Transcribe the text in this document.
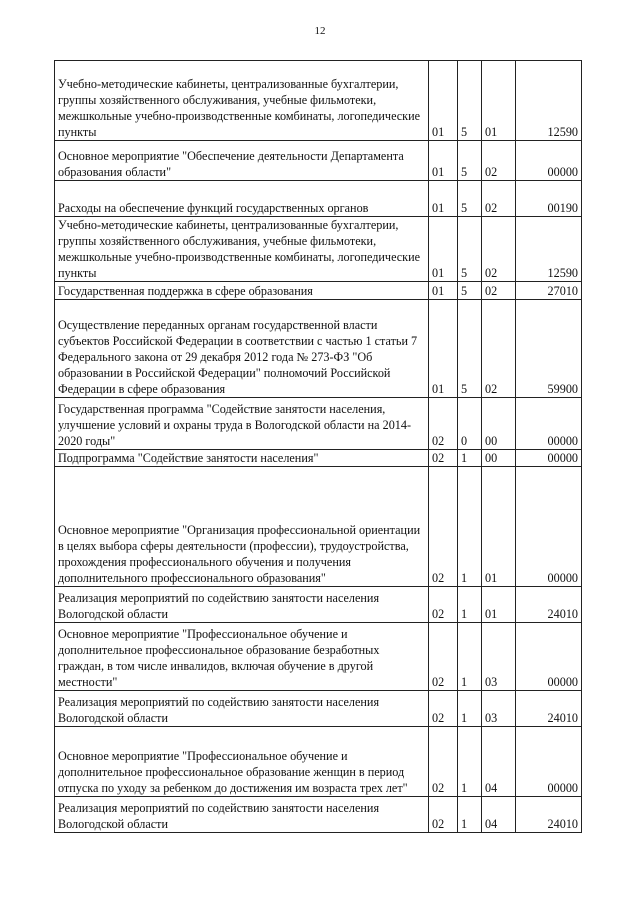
12
Учебно-методические кабинеты, централизованные бухгалтерии, группы хозяйственного обслуживания, учебные фильмотеки, межшкольные учебно-производственные комбинаты, логопедические пункты	01	5	01	12590
Основное мероприятие "Обеспечение деятельности Департамента образования области"	01	5	02	00000
Расходы на обеспечение функций государственных органов	01	5	02	00190
Учебно-методические кабинеты, централизованные бухгалтерии, группы хозяйственного обслуживания, учебные фильмотеки, межшкольные учебно-производственные комбинаты, логопедические пункты	01	5	02	12590
Государственная поддержка в сфере образования	01	5	02	27010
Осуществление переданных органам государственной власти субъектов Российской Федерации в соответствии с частью 1 статьи 7 Федерального закона от 29 декабря 2012 года № 273-ФЗ "Об образовании в Российской Федерации" полномочий Российской Федерации в сфере образования	01	5	02	59900
Государственная программа "Содействие занятости населения, улучшение условий и охраны труда в Вологодской области на 2014-2020 годы"	02	0	00	00000
Подпрограмма "Содействие занятости населения"	02	1	00	00000
Основное мероприятие "Организация профессиональной ориентации в целях выбора сферы деятельности (профессии), трудоустройства, прохождения профессионального обучения и получения дополнительного профессионального образования"	02	1	01	00000
Реализация мероприятий по содействию занятости населения Вологодской области	02	1	01	24010
Основное мероприятие "Профессиональное обучение и дополнительное профессиональное образование безработных граждан, в том числе инвалидов, включая обучение в другой местности"	02	1	03	00000
Реализация мероприятий по содействию занятости населения Вологодской области	02	1	03	24010
Основное мероприятие "Профессиональное обучение и дополнительное профессиональное образование женщин в период отпуска по уходу за ребенком до достижения им возраста трех лет"	02	1	04	00000
Реализация мероприятий по содействию занятости населения Вологодской области	02	1	04	24010
